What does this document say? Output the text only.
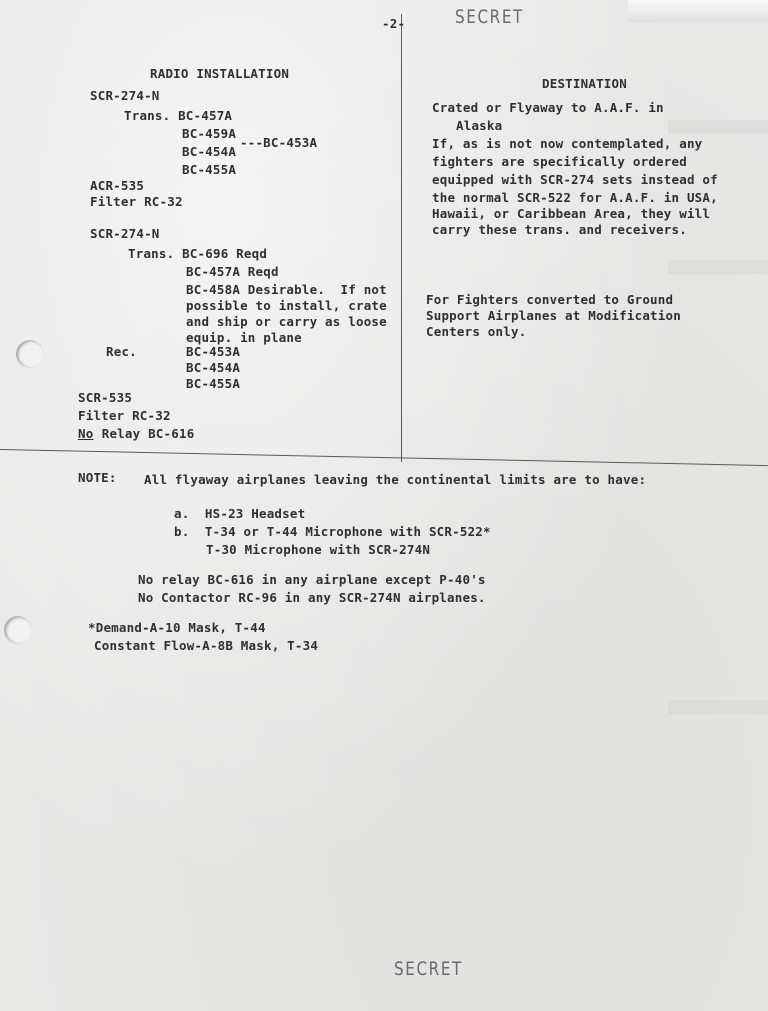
-2-	SECRET
RADIO INSTALLATION
SCR-274-N
Trans. BC-457A
BC-459A
---BC-453A
BC-454A
BC-455A
ACR-535
Filter RC-32
SCR-274-N
Trans. BC-696 Reqd
BC-457A Reqd
BC-458A Desirable.  If not
possible to install, crate
and ship or carry as loose
equip. in plane
Rec.	BC-453A
BC-454A
BC-455A
SCR-535
Filter RC-32
No Relay BC-616
DESTINATION
Crated or Flyaway to A.A.F. in
Alaska
If, as is not now contemplated, any
fighters are specifically ordered
equipped with SCR-274 sets instead of
the normal SCR-522 for A.A.F. in USA,
Hawaii, or Caribbean Area, they will
carry these trans. and receivers.
For Fighters converted to Ground
Support Airplanes at Modification
Centers only.
NOTE: All flyaway airplanes leaving the continental limits are to have:
a.  HS-23 Headset
b.  T-34 or T-44 Microphone with SCR-522*
T-30 Microphone with SCR-274N
No relay BC-616 in any airplane except P-40's
No Contactor RC-96 in any SCR-274N airplanes.
*Demand-A-10 Mask, T-44
Constant Flow-A-8B Mask, T-34
SECRET
